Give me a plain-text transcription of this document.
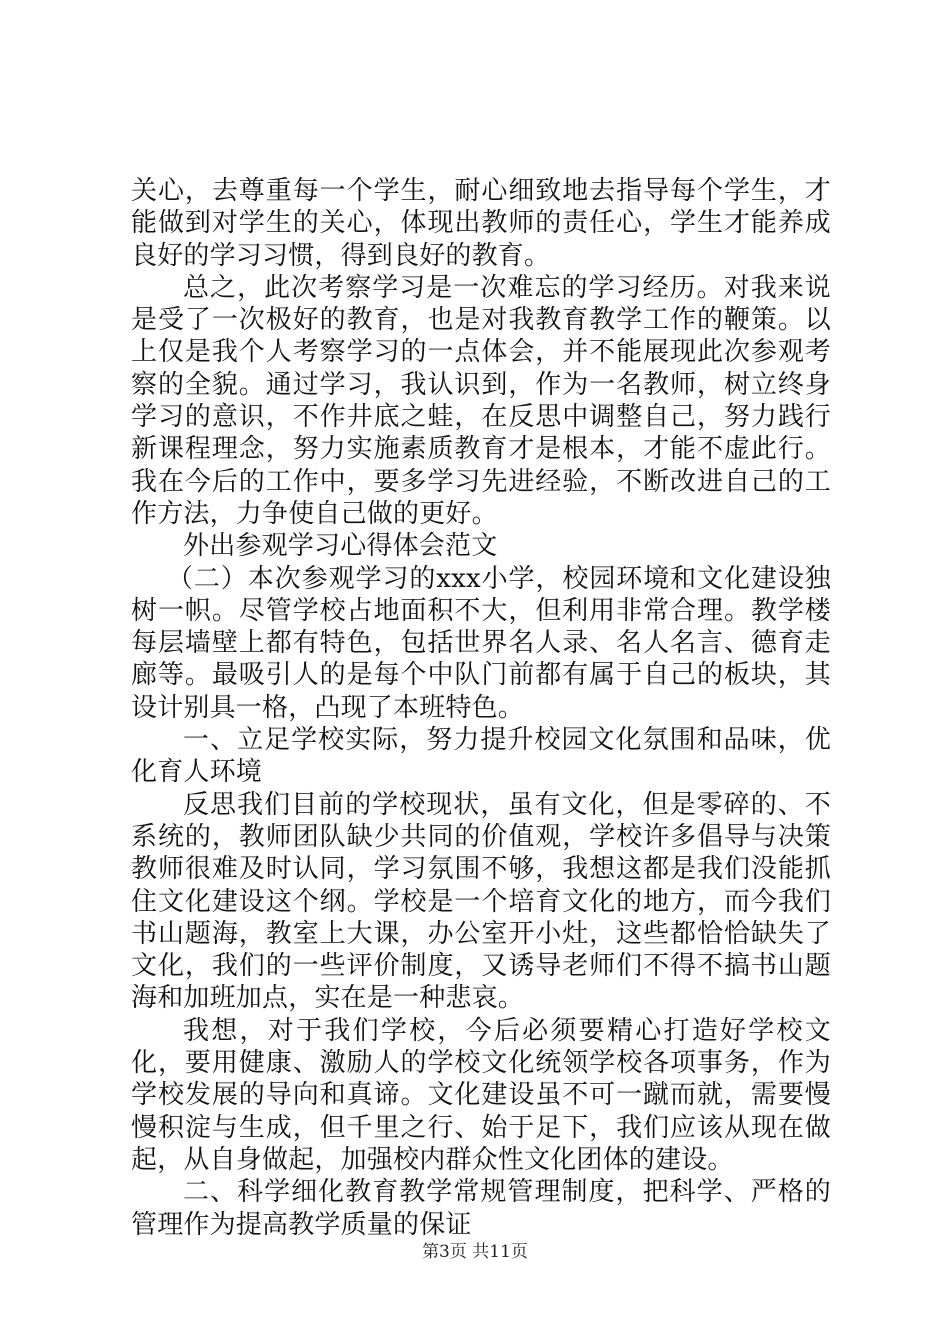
关心，去尊重每一个学生，耐心细致地去指导每个学生，才能做到对学生的关心，体现出教师的责任心，学生才能养成良好的学习习惯，得到良好的教育。

总之，此次考察学习是一次难忘的学习经历。对我来说是受了一次极好的教育，也是对我教育教学工作的鞭策。以上仅是我个人考察学习的一点体会，并不能展现此次参观考察的全貌。通过学习，我认识到，作为一名教师，树立终身学习的意识，不作井底之蛙，在反思中调整自己，努力践行新课程理念，努力实施素质教育才是根本，才能不虚此行。我在今后的工作中，要多学习先进经验，不断改进自己的工作方法，力争使自己做的更好。

外出参观学习心得体会范文

（二）本次参观学习的xxx小学，校园环境和文化建设独树一帜。尽管学校占地面积不大，但利用非常合理。教学楼每层墙壁上都有特色，包括世界名人录、名人名言、德育走廊等。最吸引人的是每个中队门前都有属于自己的板块，其设计别具一格，凸现了本班特色。

一、立足学校实际，努力提升校园文化氛围和品味，优化育人环境

反思我们目前的学校现状，虽有文化，但是零碎的、不系统的，教师团队缺少共同的价值观，学校许多倡导与决策教师很难及时认同，学习氛围不够，我想这都是我们没能抓住文化建设这个纲。学校是一个培育文化的地方，而今我们书山题海，教室上大课，办公室开小灶，这些都恰恰缺失了文化，我们的一些评价制度，又诱导老师们不得不搞书山题海和加班加点，实在是一种悲哀。

我想，对于我们学校，今后必须要精心打造好学校文化，要用健康、激励人的学校文化统领学校各项事务，作为学校发展的导向和真谛。文化建设虽不可一蹴而就，需要慢慢积淀与生成，但千里之行、始于足下，我们应该从现在做起，从自身做起，加强校内群众性文化团体的建设。

二、科学细化教育教学常规管理制度，把科学、严格的管理作为提高教学质量的保证

第3页 共11页
